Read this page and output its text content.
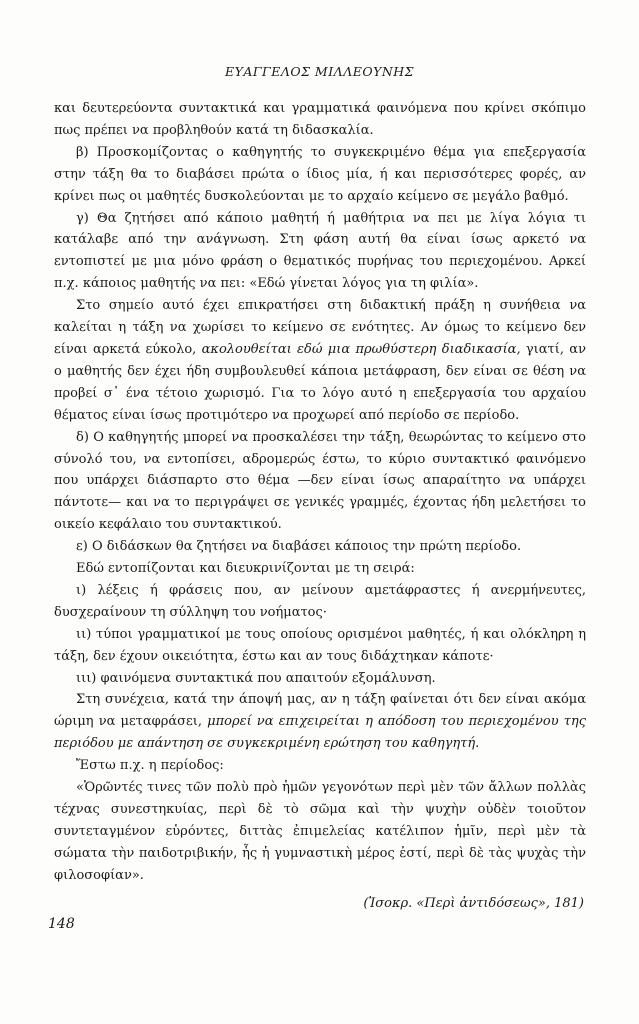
ΕΥΑΓΓΕΛΟΣ ΜΙΛΛΕΟΥΝΗΣ

και δευτερεύοντα συντακτικά και γραμματικά φαινόμενα που κρίνει σκόπιμο πως πρέπει να προβληθούν κατά τη διδασκαλία.

β) Προσκομίζοντας ο καθηγητής το συγκεκριμένο θέμα για επεξεργασία στην τάξη θα το διαβάσει πρώτα ο ίδιος μία, ή και περισσότερες φορές, αν κρίνει πως οι μαθητές δυσκολεύονται με το αρχαίο κείμενο σε μεγάλο βαθμό.

γ) Θα ζητήσει από κάποιο μαθητή ή μαθήτρια να πει με λίγα λόγια τι κατάλαβε από την ανάγνωση. Στη φάση αυτή θα είναι ίσως αρκετό να εντοπιστεί με μια μόνο φράση ο θεματικός πυρήνας του περιεχομένου. Αρκεί π.χ. κάποιος μαθητής να πει: «Εδώ γίνεται λόγος για τη φιλία».

Στο σημείο αυτό έχει επικρατήσει στη διδακτική πράξη η συνήθεια να καλείται η τάξη να χωρίσει το κείμενο σε ενότητες. Αν όμως το κείμενο δεν είναι αρκετά εύκολο, ακολουθείται εδώ μια πρωθύστερη διαδικασία, γιατί, αν ο μαθητής δεν έχει ήδη συμβουλευθεί κάποια μετάφραση, δεν είναι σε θέση να προβεί σ᾿ ένα τέτοιο χωρισμό. Για το λόγο αυτό η επεξεργασία του αρχαίου θέματος είναι ίσως προτιμότερο να προχωρεί από περίοδο σε περίοδο.

δ) Ο καθηγητής μπορεί να προσκαλέσει την τάξη, θεωρώντας το κείμενο στο σύνολό του, να εντοπίσει, αδρομερώς έστω, το κύριο συντακτικό φαινόμενο που υπάρχει διάσπαρτο στο θέμα —δεν είναι ίσως απαραίτητο να υπάρχει πάντοτε— και να το περιγράψει σε γενικές γραμμές, έχοντας ήδη μελετήσει το οικείο κεφάλαιο του συντακτικού.

ε) Ο διδάσκων θα ζητήσει να διαβάσει κάποιος την πρώτη περίοδο.

Εδώ εντοπίζονται και διευκρινίζονται με τη σειρά:

ι) λέξεις ή φράσεις που, αν μείνουν αμετάφραστες ή ανερμήνευτες, δυσχεραίνουν τη σύλληψη του νοήματος·

ιι) τύποι γραμματικοί με τους οποίους ορισμένοι μαθητές, ή και ολόκληρη η τάξη, δεν έχουν οικειότητα, έστω και αν τους διδάχτηκαν κάποτε·

ιιι) φαινόμενα συντακτικά που απαιτούν εξομάλυνση.

Στη συνέχεια, κατά την άποψή μας, αν η τάξη φαίνεται ότι δεν είναι ακόμα ώριμη να μεταφράσει, μπορεί να επιχειρείται η απόδοση του περιεχομένου της περιόδου με απάντηση σε συγκεκριμένη ερώτηση του καθηγητή.

Ἔστω π.χ. η περίοδος:

«Ὁρῶντές τινες τῶν πολὺ πρὸ ἡμῶν γεγονότων περὶ μὲν τῶν ἄλλων πολλὰς τέχνας συνεστηκυίας, περὶ δὲ τὸ σῶμα καὶ τὴν ψυχὴν οὐδὲν τοιοῦτον συντεταγμένον εὑρόντες, διττὰς ἐπιμελείας κατέλιπον ἡμῖν, περὶ μὲν τὰ σώματα τὴν παιδοτριβικήν, ἧς ἡ γυμναστικὴ μέρος ἐστί, περὶ δὲ τὰς ψυχὰς τὴν φιλοσοφίαν».

(Ἰσοκρ. «Περὶ ἀντιδόσεως», 181)
148
